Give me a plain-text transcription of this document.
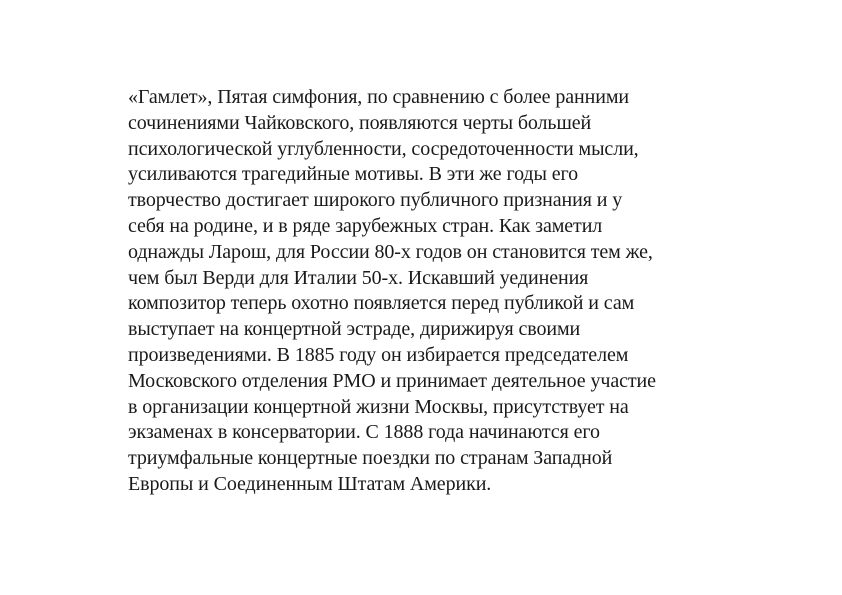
«Гамлет», Пятая симфония, по сравнению с более ранними
сочинениями Чайковского, появляются черты большей
психологической углубленности, сосредоточенности мысли,
усиливаются трагедийные мотивы. В эти же годы его
творчество достигает широкого публичного признания и у
себя на родине, и в ряде зарубежных стран. Как заметил
однажды Ларош, для России 80-х годов он становится тем же,
чем был Верди для Италии 50-х. Искавший уединения
композитор теперь охотно появляется перед публикой и сам
выступает на концертной эстраде, дирижируя своими
произведениями. В 1885 году он избирается председателем
Московского отделения РМО и принимает деятельное участие
в организации концертной жизни Москвы, присутствует на
экзаменах в консерватории. С 1888 года начинаются его
триумфальные концертные поездки по странам Западной
Европы и Соединенным Штатам Америки.
